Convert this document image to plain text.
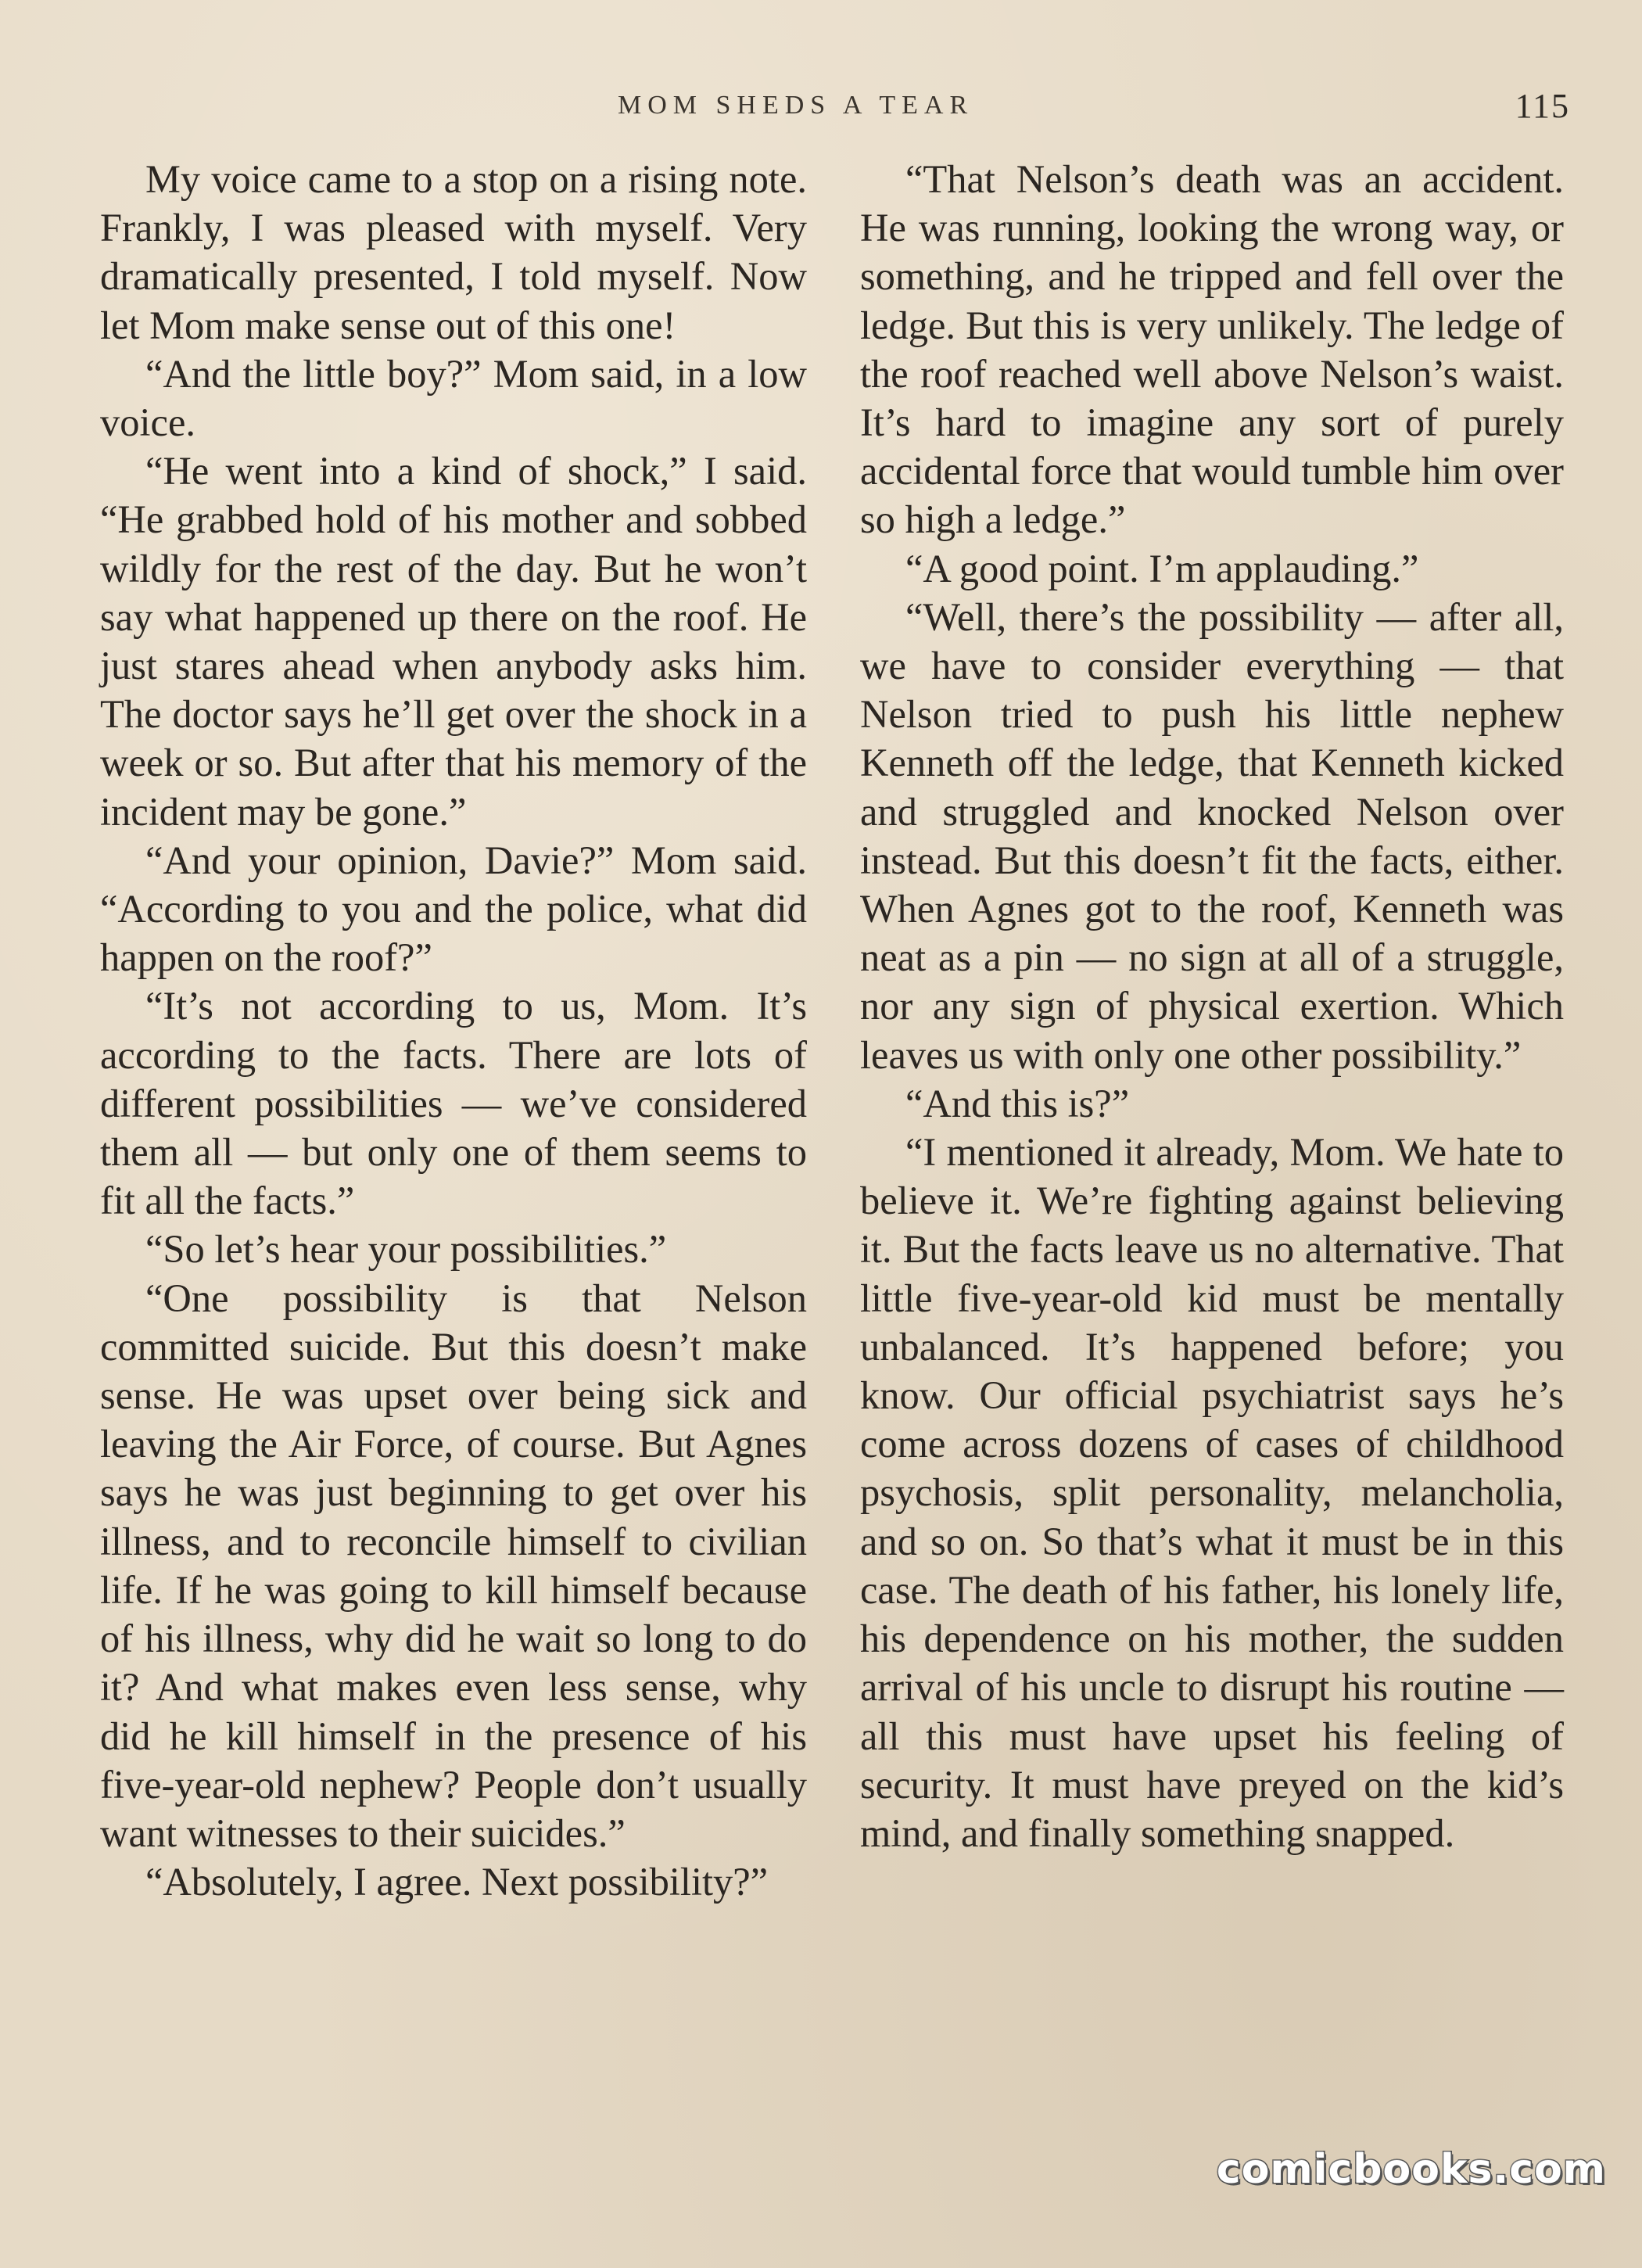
MOM SHEDS A TEAR	115

My voice came to a stop on a rising note. Frankly, I was pleased with myself. Very dramatically presented, I told myself. Now let Mom make sense out of this one!

“And the little boy?” Mom said, in a low voice.

“He went into a kind of shock,” I said. “He grabbed hold of his mother and sobbed wildly for the rest of the day. But he won’t say what happened up there on the roof. He just stares ahead when anybody asks him. The doctor says he’ll get over the shock in a week or so. But after that his memory of the incident may be gone.”

“And your opinion, Davie?” Mom said. “According to you and the police, what did happen on the roof?”

“It’s not according to us, Mom. It’s according to the facts. There are lots of different possibilities — we’ve considered them all — but only one of them seems to fit all the facts.”

“So let’s hear your possibilities.”

“One possibility is that Nelson committed suicide. But this doesn’t make sense. He was upset over being sick and leaving the Air Force, of course. But Agnes says he was just beginning to get over his illness, and to reconcile himself to civilian life. If he was going to kill himself because of his illness, why did he wait so long to do it? And what makes even less sense, why did he kill himself in the presence of his five-year-old nephew? People don’t usually want witnesses to their suicides.”

“Absolutely, I agree. Next possibility?”

“That Nelson’s death was an accident. He was running, looking the wrong way, or something, and he tripped and fell over the ledge. But this is very unlikely. The ledge of the roof reached well above Nelson’s waist. It’s hard to imagine any sort of purely accidental force that would tumble him over so high a ledge.”

“A good point. I’m applauding.”

“Well, there’s the possibility — after all, we have to consider everything — that Nelson tried to push his little nephew Kenneth off the ledge, that Kenneth kicked and struggled and knocked Nelson over instead. But this doesn’t fit the facts, either. When Agnes got to the roof, Kenneth was neat as a pin — no sign at all of a struggle, nor any sign of physical exertion. Which leaves us with only one other possibility.”

“And this is?”

“I mentioned it already, Mom. We hate to believe it. We’re fighting against believing it. But the facts leave us no alternative. That little five-year-old kid must be mentally unbalanced. It’s happened before; you know. Our official psychiatrist says he’s come across dozens of cases of childhood psychosis, split personality, melancholia, and so on. So that’s what it must be in this case. The death of his father, his lonely life, his dependence on his mother, the sudden arrival of his uncle to disrupt his routine — all this must have upset his feeling of security. It must have preyed on the kid’s mind, and finally something snapped.

comicbooks.com
